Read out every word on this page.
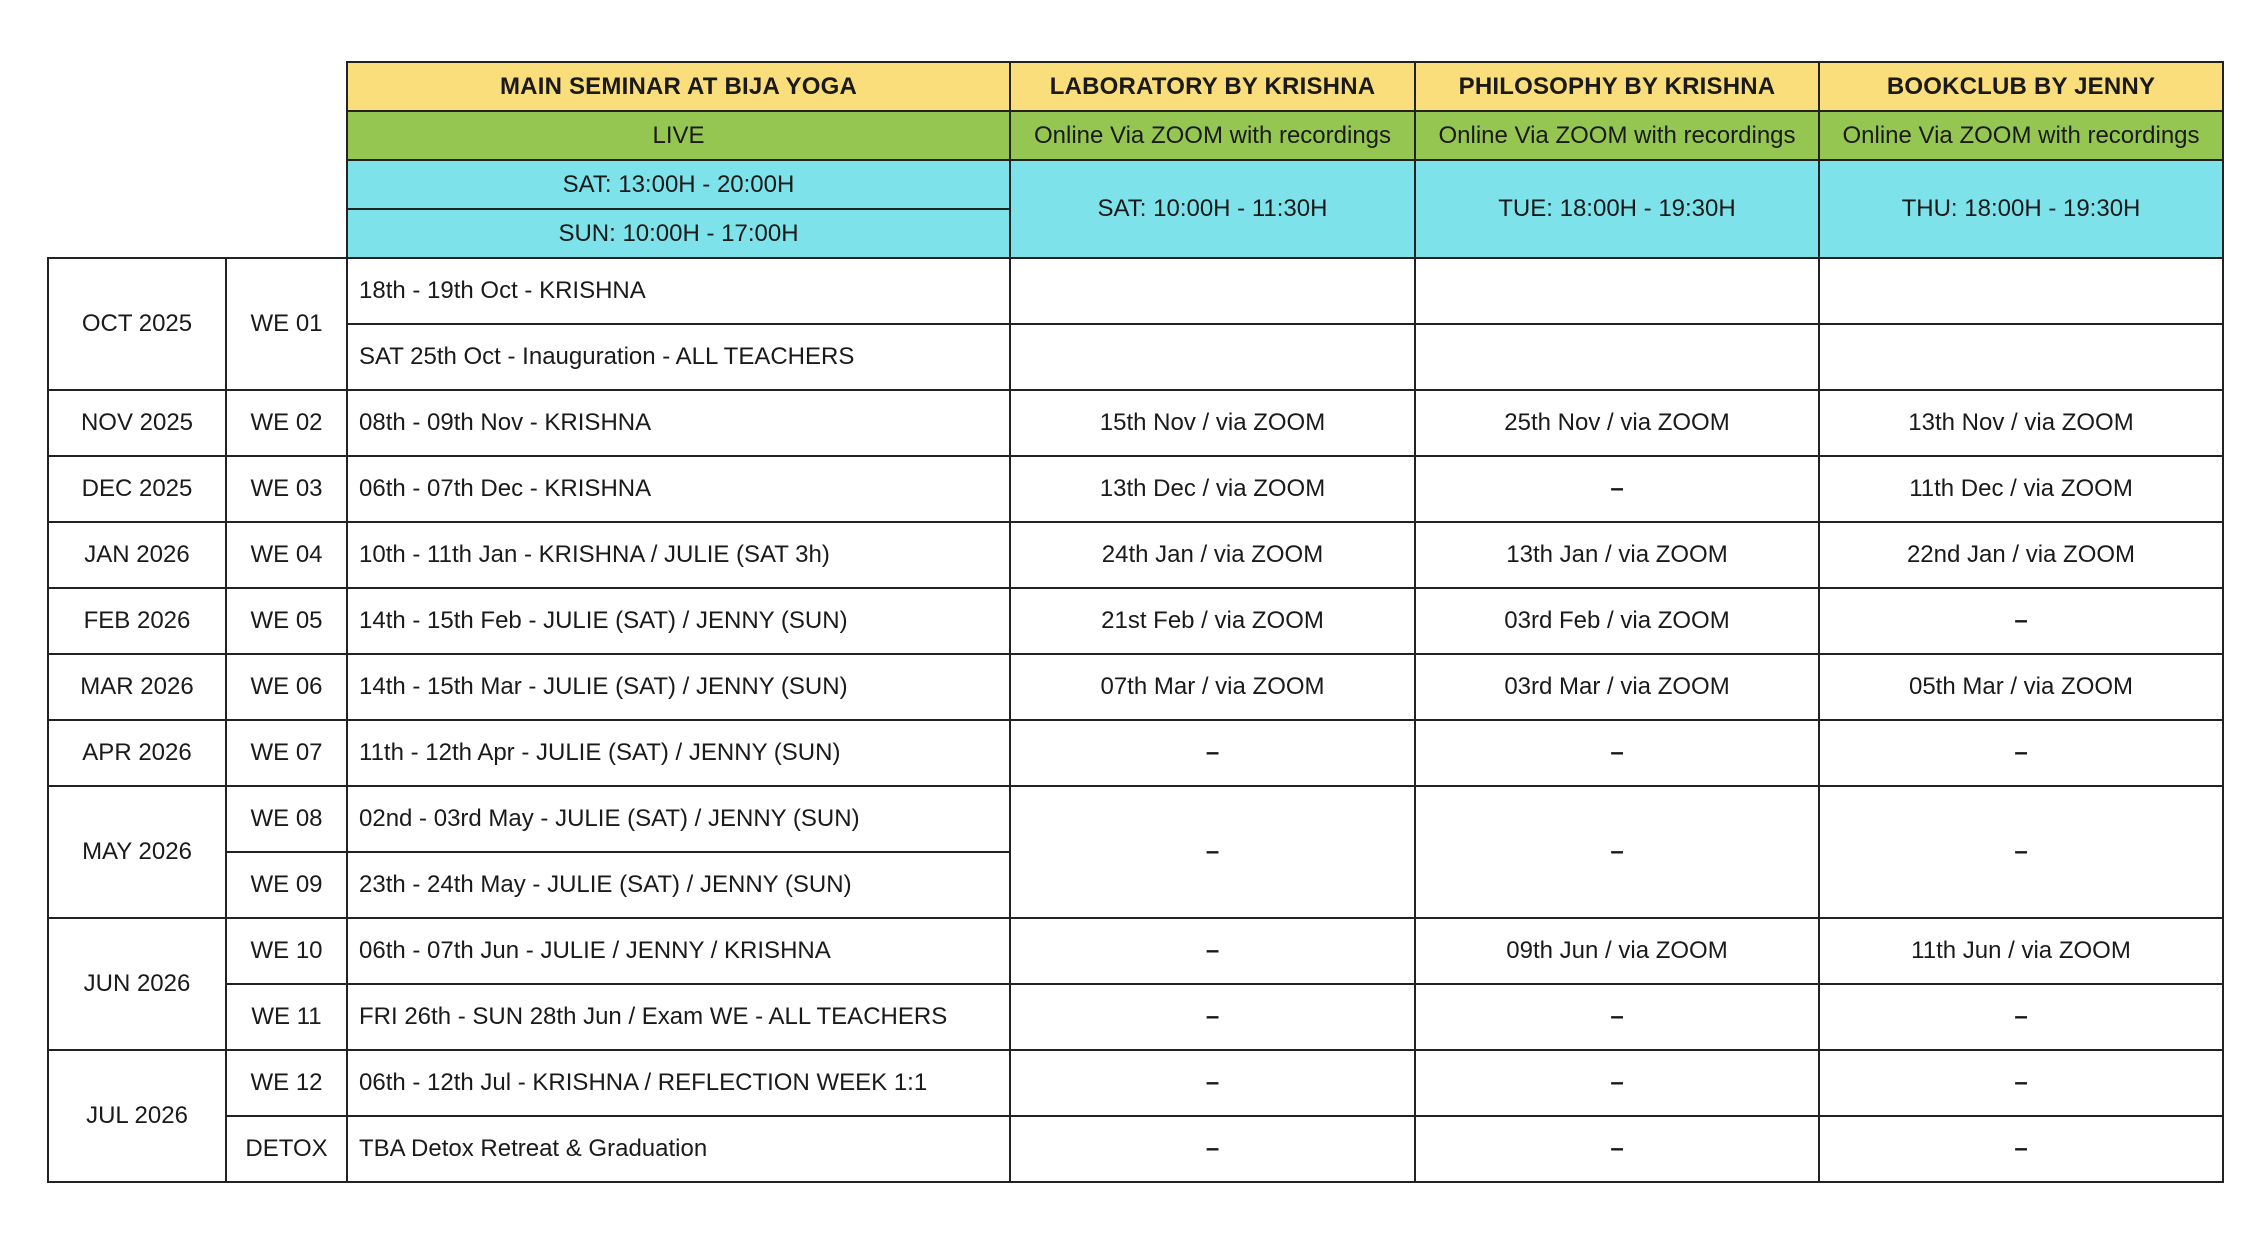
		MAIN SEMINAR AT BIJA YOGA	LABORATORY BY KRISHNA	PHILOSOPHY BY KRISHNA	BOOKCLUB BY JENNY
		LIVE	Online Via ZOOM with recordings	Online Via ZOOM with recordings	Online Via ZOOM with recordings
		SAT: 13:00H - 20:00H	SAT: 10:00H - 11:30H	TUE: 18:00H - 19:30H	THU: 18:00H - 19:30H
		SUN: 10:00H - 17:00H			
OCT 2025	WE 01	18th - 19th Oct - KRISHNA			
		SAT 25th Oct - Inauguration - ALL TEACHERS			
NOV 2025	WE 02	08th - 09th Nov - KRISHNA	15th Nov / via ZOOM	25th Nov / via ZOOM	13th Nov / via ZOOM
DEC 2025	WE 03	06th - 07th Dec - KRISHNA	13th Dec / via ZOOM	–	11th Dec / via ZOOM
JAN 2026	WE 04	10th - 11th Jan - KRISHNA / JULIE (SAT 3h)	24th Jan / via ZOOM	13th Jan / via ZOOM	22nd Jan / via ZOOM
FEB 2026	WE 05	14th - 15th Feb - JULIE (SAT) / JENNY (SUN)	21st Feb / via ZOOM	03rd Feb / via ZOOM	–
MAR 2026	WE 06	14th - 15th Mar - JULIE (SAT) / JENNY (SUN)	07th Mar / via ZOOM	03rd Mar / via ZOOM	05th Mar / via ZOOM
APR 2026	WE 07	11th - 12th Apr - JULIE (SAT) / JENNY (SUN)	–	–	–
MAY 2026	WE 08	02nd - 03rd May - JULIE (SAT) / JENNY (SUN)	–	–	–
	WE 09	23th - 24th May - JULIE (SAT) / JENNY (SUN)			
JUN 2026	WE 10	06th - 07th Jun - JULIE / JENNY / KRISHNA	–	09th Jun / via ZOOM	11th Jun / via ZOOM
	WE 11	FRI 26th - SUN 28th Jun / Exam WE - ALL TEACHERS	–	–	–
JUL 2026	WE 12	06th - 12th Jul - KRISHNA / REFLECTION WEEK 1:1	–	–	–
	DETOX	TBA Detox Retreat & Graduation	–	–	–
